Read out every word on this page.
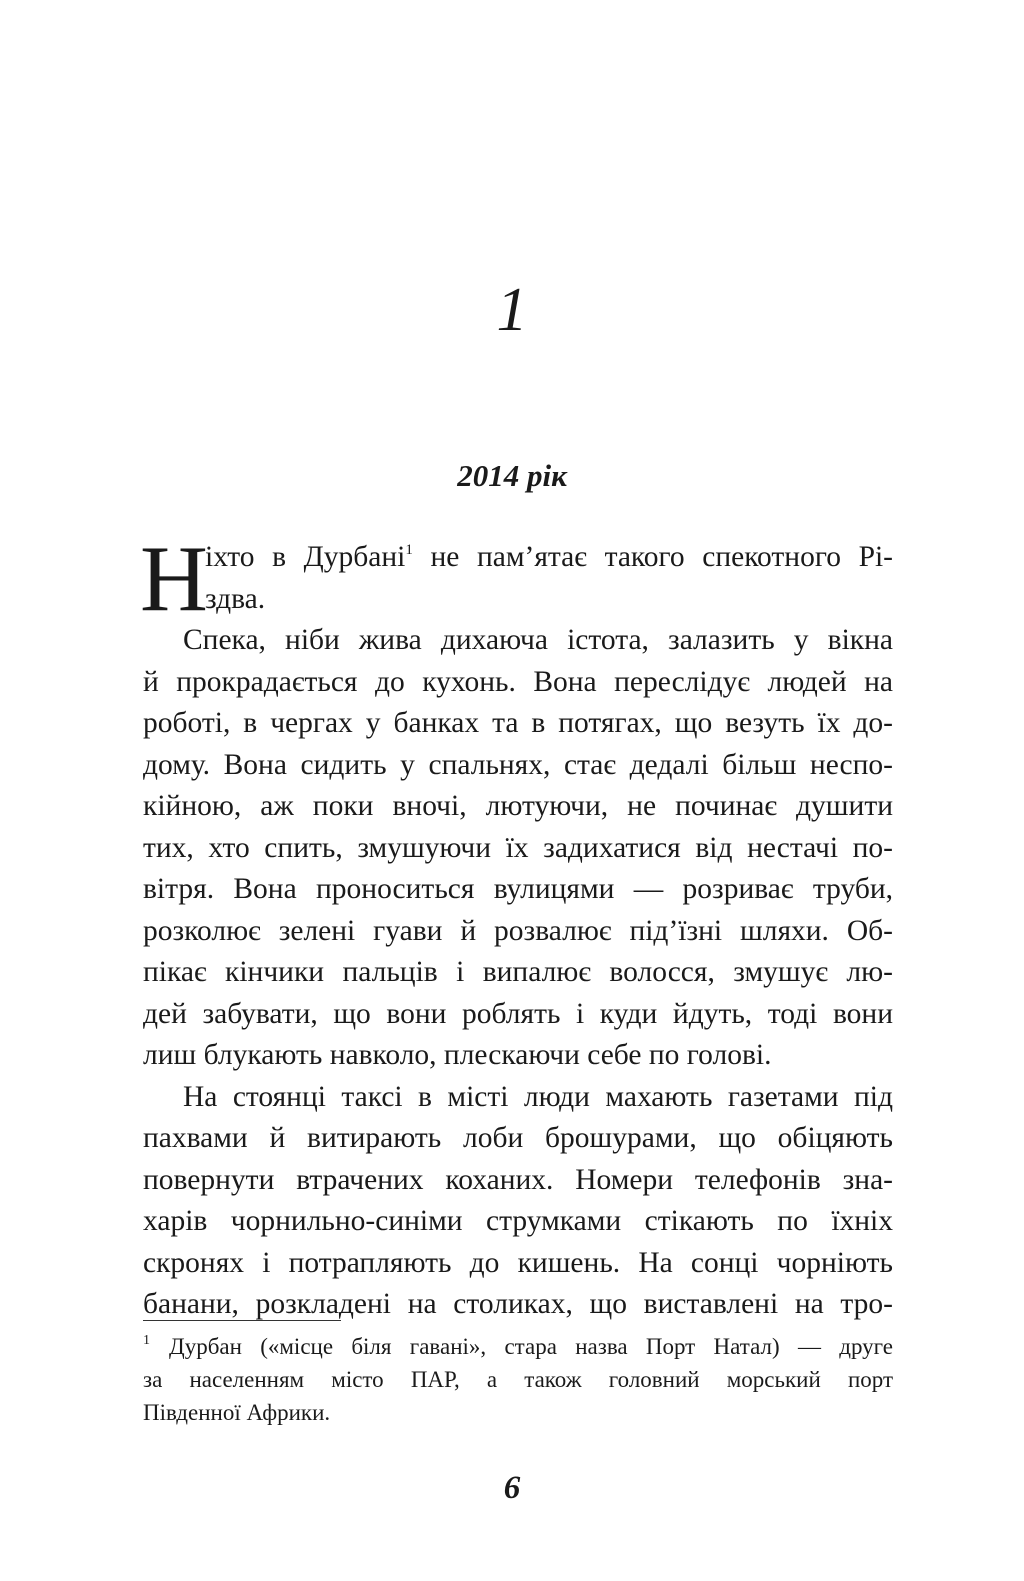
1
2014 рік
Н
іхто в Дурбані$^1$ не пам’ятає такого спекотного Рі-
здва.
Спека, ніби жива дихаюча істота, залазить у вікна
й прокрадається до кухонь. Вона переслідує людей на
роботі, в чергах у банках та в потягах, що везуть їх до-
дому. Вона сидить у спальнях, стає дедалі більш неспо-
кійною, аж поки вночі, лютуючи, не починає душити
тих, хто спить, змушуючи їх задихатися від нестачі по-
вітря. Вона проноситься вулицями — розриває труби,
розколює зелені гуави й розвалює під’їзні шляхи. Об-
пікає кінчики пальців і випалює волосся, змушує лю-
дей забувати, що вони роблять і куди йдуть, тоді вони
лиш блукають навколо, плескаючи себе по голові.
На стоянці таксі в місті люди махають газетами під
пахвами й витирають лоби брошурами, що обіцяють
повернути втрачених коханих. Номери телефонів зна-
харів чорнильно-синіми струмками стікають по їхніх
скронях і потрапляють до кишень. На сонці чорніють
банани, розкладені на столиках, що виставлені на тро-
1 Дурбан («місце біля гавані», стара назва Порт Натал) — друге
за населенням місто ПАР, а також головний морський порт
Південної Африки.
6
